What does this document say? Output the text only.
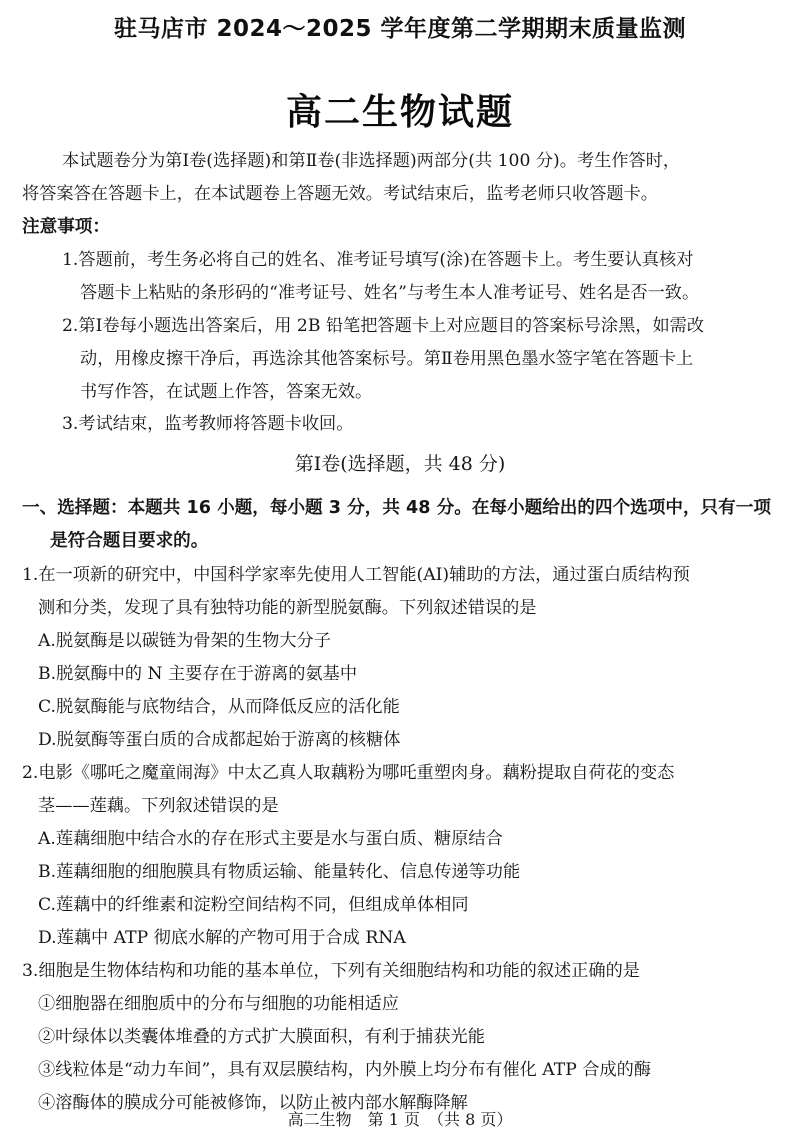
驻马店市 2024～2025 学年度第二学期期末质量监测
高二生物试题
本试题卷分为第Ⅰ卷(选择题)和第Ⅱ卷(非选择题)两部分(共 100 分)。考生作答时，
将答案答在答题卡上，在本试题卷上答题无效。考试结束后，监考老师只收答题卡。
注意事项：
1.答题前，考生务必将自己的姓名、准考证号填写(涂)在答题卡上。考生要认真核对
答题卡上粘贴的条形码的“准考证号、姓名”与考生本人准考证号、姓名是否一致。
2.第Ⅰ卷每小题选出答案后，用 2B 铅笔把答题卡上对应题目的答案标号涂黑，如需改
动，用橡皮擦干净后，再选涂其他答案标号。第Ⅱ卷用黑色墨水签字笔在答题卡上
书写作答，在试题上作答，答案无效。
3.考试结束，监考教师将答题卡收回。
第Ⅰ卷(选择题，共 48 分)
一、选择题：本题共 16 小题，每小题 3 分，共 48 分。在每小题给出的四个选项中，只有一项
是符合题目要求的。
1.在一项新的研究中，中国科学家率先使用人工智能(AI)辅助的方法，通过蛋白质结构预
测和分类，发现了具有独特功能的新型脱氨酶。下列叙述错误的是
A.脱氨酶是以碳链为骨架的生物大分子
B.脱氨酶中的 N 主要存在于游离的氨基中
C.脱氨酶能与底物结合，从而降低反应的活化能
D.脱氨酶等蛋白质的合成都起始于游离的核糖体
2.电影《哪吒之魔童闹海》中太乙真人取藕粉为哪吒重塑肉身。藕粉提取自荷花的变态
茎——莲藕。下列叙述错误的是
A.莲藕细胞中结合水的存在形式主要是水与蛋白质、糖原结合
B.莲藕细胞的细胞膜具有物质运输、能量转化、信息传递等功能
C.莲藕中的纤维素和淀粉空间结构不同，但组成单体相同
D.莲藕中 ATP 彻底水解的产物可用于合成 RNA
3.细胞是生物体结构和功能的基本单位，下列有关细胞结构和功能的叙述正确的是
①细胞器在细胞质中的分布与细胞的功能相适应
②叶绿体以类囊体堆叠的方式扩大膜面积，有利于捕获光能
③线粒体是“动力车间”，具有双层膜结构，内外膜上均分布有催化 ATP 合成的酶
④溶酶体的膜成分可能被修饰，以防止被内部水解酶降解
高二生物　第 1 页　（共 8 页）
